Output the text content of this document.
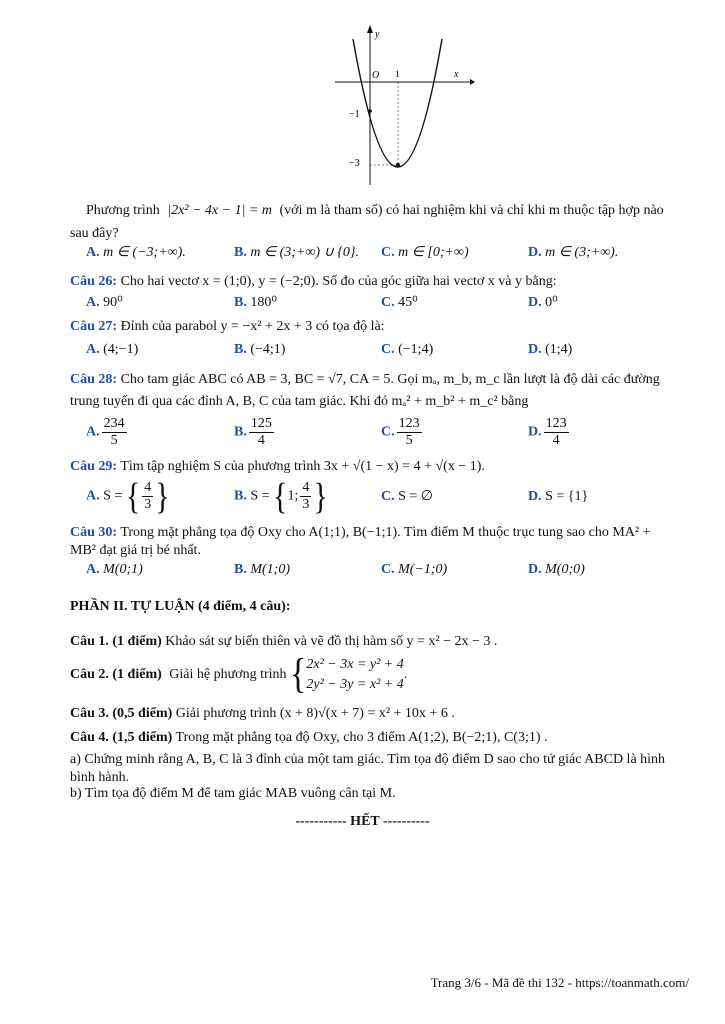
y
x
O 1
−1
−3
Phương trình |2x² − 4x − 1| = m (với m là tham số) có hai nghiệm khi và chỉ khi m thuộc tập hợp nào
sau đây?
A. m ∈ (−3;+∞).	B. m ∈ (3;+∞) ∪ {0}. C. m ∈ [0;+∞)	D. m ∈ (3;+∞).
Câu 26: Cho hai vectơ x = (1;0), y = (−2;0). Số đo của góc giữa hai vectơ x và y bằng:
A. 90⁰	B. 180⁰	C. 45⁰	D. 0⁰
Câu 27: Đỉnh của parabol y = −x² + 2x + 3 có tọa độ là:
A. (4;−1)	B. (−4;1)	C. (−1;4)	D. (1;4)
Câu 28: Cho tam giác ABC có AB = 3, BC = √7, CA = 5. Gọi mₐ, m_b, m_c lần lượt là độ dài các đường
trung tuyến đi qua các đỉnh A, B, C của tam giác. Khi đó mₐ² + m_b² + m_c² bằng
A. $\frac{234}{5}$	B. $\frac{125}{4}$	C. $\frac{123}{5}$	D. $\frac{123}{4}$
Câu 29: Tìm tập nghiệm S của phương trình 3x + √(1 − x) = 4 + √(x − 1).
A. S = { $\frac{4}{3}$ }	B. S = {1; $\frac{4}{3}$ }	C. S = ∅	D. S = {1}
Câu 30: Trong mặt phẳng tọa độ Oxy cho A(1;1), B(−1;1). Tìm điểm M thuộc trục tung sao cho MA² +
MB² đạt giá trị bé nhất.
A. M(0;1)	B. M(1;0)	C. M(−1;0)	D. M(0;0)
PHẦN II. TỰ LUẬN (4 điểm, 4 câu):
Câu 1. (1 điểm) Khảo sát sự biến thiên và vẽ đồ thị hàm số y = x² − 2x − 3 .
Câu 2. (1 điểm) Giải hệ phương trình { 2x² − 3x = y² + 4
2y² − 3y = x² + 4
.
Câu 3. (0,5 điểm) Giải phương trình (x + 8)√(x + 7) = x² + 10x + 6 .
Câu 4. (1,5 điểm) Trong mặt phẳng tọa độ Oxy, cho 3 điểm A(1;2), B(−2;1), C(3;1) .
a) Chứng minh rằng A, B, C là 3 đỉnh của một tam giác. Tìm tọa độ điểm D sao cho tứ giác ABCD là hình bình hành.
b) Tìm tọa độ điểm M để tam giác MAB vuông cân tại M.
----------- HẾT ----------
Trang 3/6 - Mã đề thi 132 - https://toanmath.com/
